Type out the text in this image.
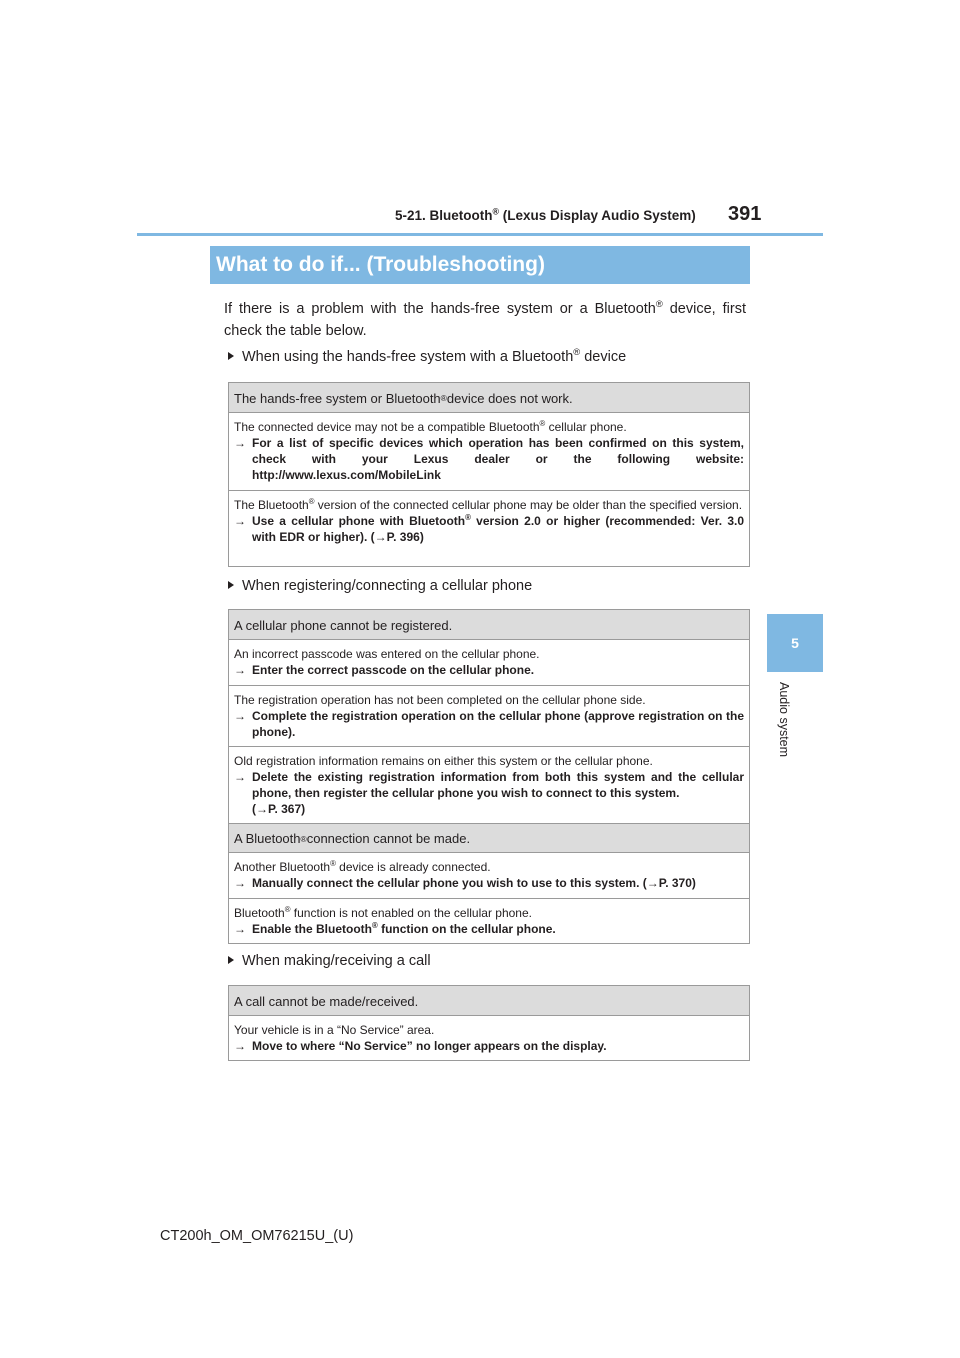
5-21. Bluetooth® (Lexus Display Audio System) 391
5
Audio system
What to do if... (Troubleshooting)
If there is a problem with the hands-free system or a Bluetooth® device, first check the table below.
When using the hands-free system with a Bluetooth® device
The hands-free system or Bluetooth ® device does not work.
The connected device may not be a compatible Bluetooth® cellular phone.
→ For a list of specific devices which operation has been confirmed on this system, check with your Lexus dealer or the following website: http://www.lexus.com/MobileLink
The Bluetooth® version of the connected cellular phone may be older than the specified version.
→ Use a cellular phone with Bluetooth® version 2.0 or higher (recommended: Ver. 3.0 with EDR or higher). (→P. 396)
When registering/connecting a cellular phone
A cellular phone cannot be registered.
An incorrect passcode was entered on the cellular phone.
→ Enter the correct passcode on the cellular phone.
The registration operation has not been completed on the cellular phone side.
→ Complete the registration operation on the cellular phone (approve registration on the phone).
Old registration information remains on either this system or the cellular phone.
→ Delete the existing registration information from both this system and the cellular phone, then register the cellular phone you wish to connect to this system.
(→P. 367)
A Bluetooth ® connection cannot be made.
Another Bluetooth® device is already connected.
→ Manually connect the cellular phone you wish to use to this system. (→P. 370)
Bluetooth® function is not enabled on the cellular phone.
→ Enable the Bluetooth® function on the cellular phone.
When making/receiving a call
A call cannot be made/received.
Your vehicle is in a “No Service” area.
→ Move to where “No Service” no longer appears on the display.
CT200h_OM_OM76215U_(U)
